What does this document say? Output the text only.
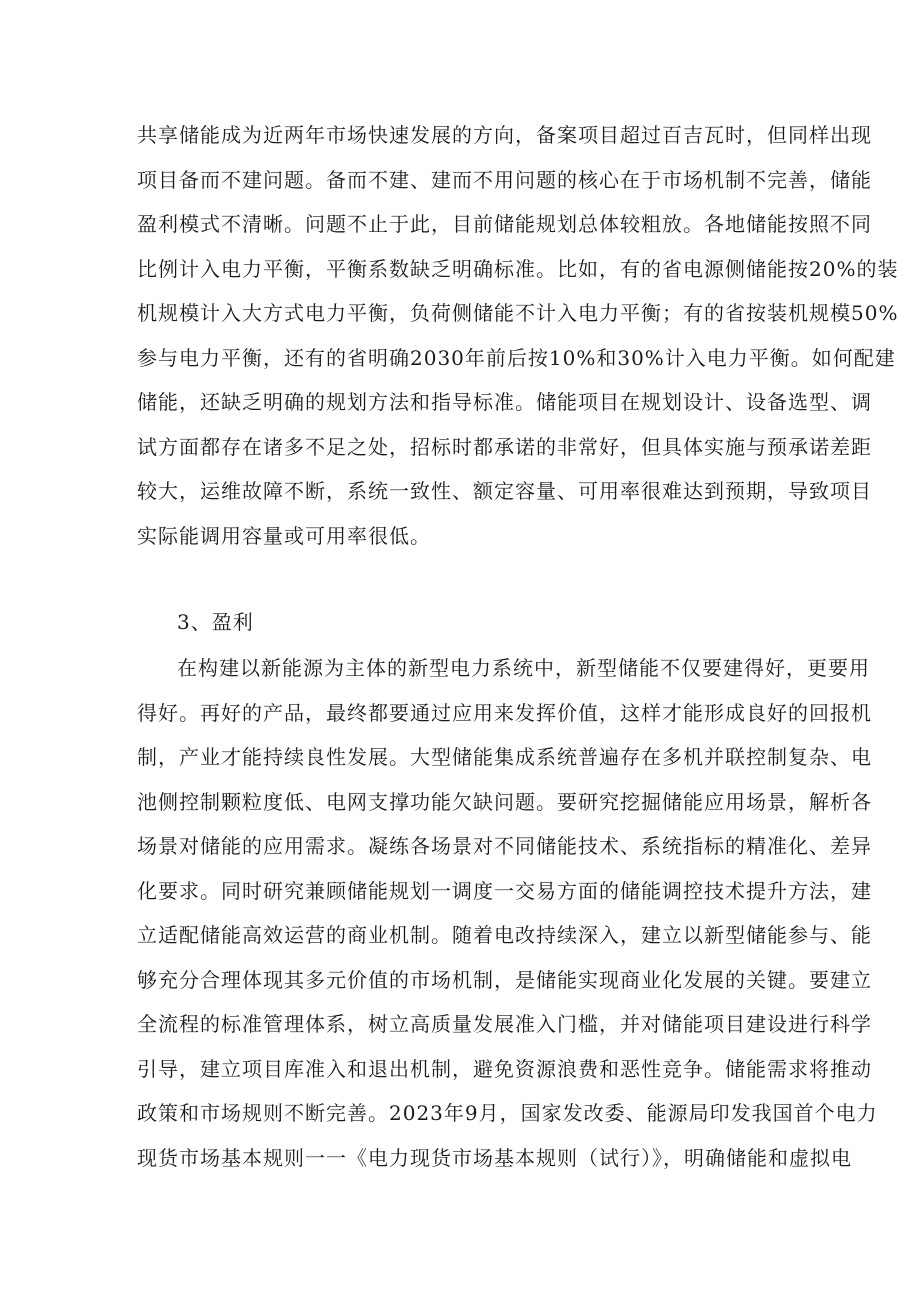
共享储能成为近两年市场快速发展的方向，备案项目超过百吉瓦时，但同样出现
项目备而不建问题。备而不建、建而不用问题的核心在于市场机制不完善，储能
盈利模式不清晰。问题不止于此，目前储能规划总体较粗放。各地储能按照不同
比例计入电力平衡，平衡系数缺乏明确标准。比如，有的省电源侧储能按20%的装
机规模计入大方式电力平衡，负荷侧储能不计入电力平衡；有的省按装机规模50%
参与电力平衡，还有的省明确2030年前后按10%和30%计入电力平衡。如何配建
储能，还缺乏明确的规划方法和指导标准。储能项目在规划设计、设备选型、调
试方面都存在诸多不足之处，招标时都承诺的非常好，但具体实施与预承诺差距
较大，运维故障不断，系统一致性、额定容量、可用率很难达到预期，导致项目
实际能调用容量或可用率很低。
3、盈利
在构建以新能源为主体的新型电力系统中，新型储能不仅要建得好，更要用
得好。再好的产品，最终都要通过应用来发挥价值，这样才能形成良好的回报机
制，产业才能持续良性发展。大型储能集成系统普遍存在多机并联控制复杂、电
池侧控制颗粒度低、电网支撑功能欠缺问题。要研究挖掘储能应用场景，解析各
场景对储能的应用需求。凝练各场景对不同储能技术、系统指标的精准化、差异
化要求。同时研究兼顾储能规划一调度一交易方面的储能调控技术提升方法，建
立适配储能高效运营的商业机制。随着电改持续深入，建立以新型储能参与、能
够充分合理体现其多元价值的市场机制，是储能实现商业化发展的关键。要建立
全流程的标准管理体系，树立高质量发展准入门槛，并对储能项目建设进行科学
引导，建立项目库准入和退出机制，避免资源浪费和恶性竞争。储能需求将推动
政策和市场规则不断完善。2023年9月，国家发改委、能源局印发我国首个电力
现货市场基本规则一一《电力现货市场基本规则（试行）》，明确储能和虚拟电
